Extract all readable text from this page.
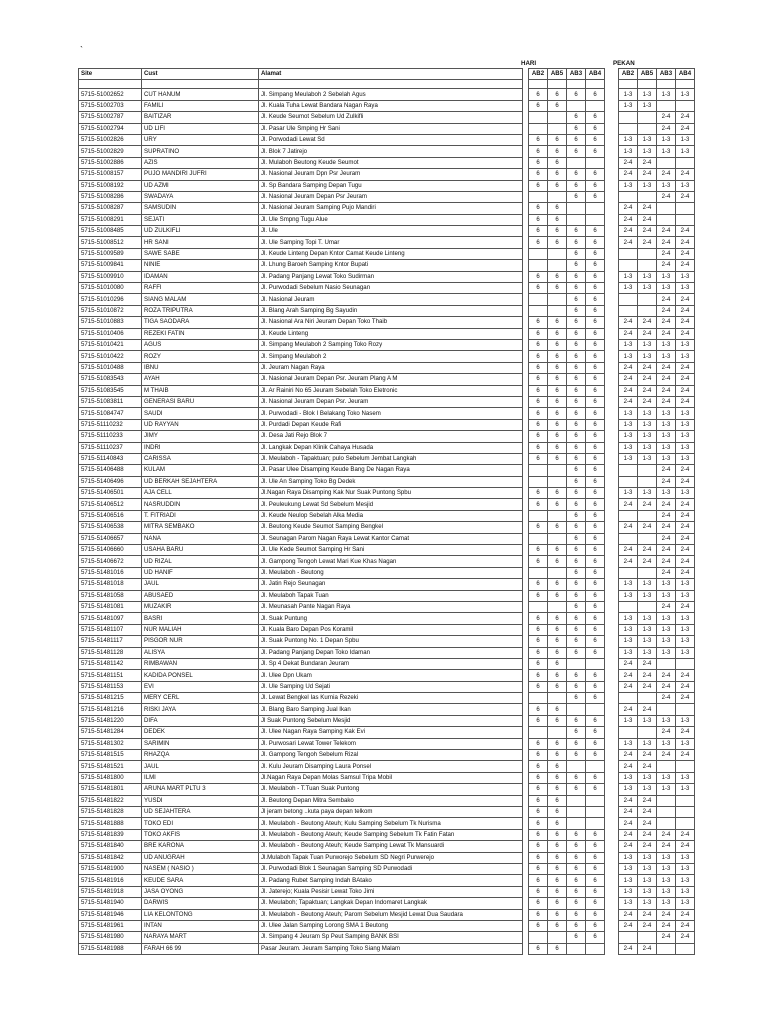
`
HARI	PEKAN
Site	Cust	Alamat		AB2	AB5	AB3	AB4		AB2	AB5	AB3	AB4

5715-51002652	CUT HANUM	Jl. Simpang Meulaboh 2 Sebelah Agus		6	6	6	6		1-3	1-3	1-3	1-3
5715-51002703	FAMILI	Jl. Kuala Tuha Lewat Bandara Nagan Raya		6	6				1-3	1-3		
5715-51002787	BAITIZAR	Jl. Keude Seumot Sebelum Ud Zulkifli				6	6				2-4	2-4
5715-51002794	UD LIFI	Jl. Pasar Ule Smping Hr Sani				6	6				2-4	2-4
5715-51002826	URY	Jl. Porwodadi Lewat Sd		6	6	6	6		1-3	1-3	1-3	1-3
5715-51002829	SUPRATINO	Jl. Blok 7 Jatirejo		6	6	6	6		1-3	1-3	1-3	1-3
5715-51002886	AZIS	Jl. Mulaboh Beutong Keude Seumot		6	6				2-4	2-4		
5715-51008157	PUJO MANDIRI JUFRI	Jl. Nasional Jeuram Dpn Psr Jeuram		6	6	6	6		2-4	2-4	2-4	2-4
5715-51008192	UD AZMI	Jl. Sp Bandara Samping Depan Tugu		6	6	6	6		1-3	1-3	1-3	1-3
5715-51008286	SWADAYA	Jl. Nasional Jeuram Depan Psr Jeuram				6	6				2-4	2-4
5715-51008287	SAMSUDIN	Jl. Nasional Jeuram Samping Pujo Mandiri		6	6				2-4	2-4		
5715-51008291	SEJATI	Jl. Ule Smpng Tugu Alue		6	6				2-4	2-4		
5715-51008485	UD ZULKIFLI	Jl. Ule		6	6	6	6		2-4	2-4	2-4	2-4
5715-51008512	HR SANI	Jl. Ule Samping Topi T. Umar		6	6	6	6		2-4	2-4	2-4	2-4
5715-51009589	SAWE SABE	Jl. Keude Linteng Depan Kntor Camat Keude Linteng				6	6				2-4	2-4
5715-51009841	NINIE	Jl. Lhung Baroeh Samping Kntor Bupati				6	6				2-4	2-4
5715-51009910	IDAMAN	Jl. Padang Panjang Lewat Toko Sudirman		6	6	6	6		1-3	1-3	1-3	1-3
5715-51010080	RAFFI	Jl. Purwodadi Sebelum Nasio Seunagan		6	6	6	6		1-3	1-3	1-3	1-3
5715-51010296	SIANG MALAM	Jl. Nasional Jeuram				6	6				2-4	2-4
5715-51010872	ROZA TRIPUTRA	Jl. Blang Arah Samping Bg Sayudin				6	6				2-4	2-4
5715-51010883	TIGA SAODARA	Jl. Nasional Ara Niri Jeuram Depan Toko Thaib		6	6	6	6		2-4	2-4	2-4	2-4
5715-51010406	REZEKI FATIN	Jl. Keude Linteng		6	6	6	6		2-4	2-4	2-4	2-4
5715-51010421	AGUS	Jl. Simpang Meulaboh 2 Samping Toko Rozy		6	6	6	6		1-3	1-3	1-3	1-3
5715-51010422	ROZY	Jl. Simpang Meulaboh 2		6	6	6	6		1-3	1-3	1-3	1-3
5715-51010488	IBNU	Jl. Jeuram Nagan Raya		6	6	6	6		2-4	2-4	2-4	2-4
5715-51083543	AYAH	Jl. Nasional Jeuram Depan Psr. Jeuram Plang A M		6	6	6	6		2-4	2-4	2-4	2-4
5715-51083545	M THAIB	Jl. Ar Rainiri No 65 Jeuram Sebelah Toko Eletronic		6	6	6	6		2-4	2-4	2-4	2-4
5715-51083811	GENERASI BARU	Jl. Nasional Jeuram Depan Psr. Jeuram		6	6	6	6		2-4	2-4	2-4	2-4
5715-51084747	SAUDI	Jl. Purwodadi - Blok I Belakang Toko Nasem		6	6	6	6		1-3	1-3	1-3	1-3
5715-51110232	UD RAYYAN	Jl. Purdadi Depan Keude Rafi		6	6	6	6		1-3	1-3	1-3	1-3
5715-51110233	JIMY	Jl. Desa Jati Rejo Blok 7		6	6	6	6		1-3	1-3	1-3	1-3
5715-51110237	INDRI	Jl. Langkak Depan Klinik Cahaya Husada		6	6	6	6		1-3	1-3	1-3	1-3
5715-51140843	CARISSA	Jl. Meulaboh - Tapaktuan; pulo Sebelum Jembat Langkah		6	6	6	6		1-3	1-3	1-3	1-3
5715-51406488	KULAM	Jl. Pasar Ulee Disamping Keude Bang De Nagan Raya				6	6				2-4	2-4
5715-51406496	UD BERKAH SEJAHTERA	Jl. Ule An Samping Toko Bg Dedek				6	6				2-4	2-4
5715-51406501	AJA CELL	Jl.Nagan Raya Disamping Kak Nur Suak Puntong Spbu		6	6	6	6		1-3	1-3	1-3	1-3
5715-51406512	NASRUDDIN	Jl. Peuleukung Lewat Sd Sebelum Mesjid		6	6	6	6		2-4	2-4	2-4	2-4
5715-51406516	T. FITRIADI	Jl. Keude Neulop Sebelah Alka Media				6	6				2-4	2-4
5715-51406538	MITRA SEMBAKO	Jl. Beutong Keude Seumot Samping Bengkel		6	6	6	6		2-4	2-4	2-4	2-4
5715-51406657	NANA	Jl. Seunagan Parom Nagan Raya Lewat Kantor Camat				6	6				2-4	2-4
5715-51406660	USAHA BARU	Jl. Ule Kede Seumot Samping Hr Sani		6	6	6	6		2-4	2-4	2-4	2-4
5715-51406672	UD RIZAL	Jl. Gampong Tengoh Lewat Mari Kue Khas Nagan		6	6	6	6		2-4	2-4	2-4	2-4
5715-51481016	UD HANIF	Jl. Meulaboh - Beutong				6	6				2-4	2-4
5715-51481018	JAUL	Jl. Jatin Rejo Seunagan		6	6	6	6		1-3	1-3	1-3	1-3
5715-51481058	ABUSAED	Jl. Meulaboh Tapak Tuan		6	6	6	6		1-3	1-3	1-3	1-3
5715-51481081	MUZAKIR	Jl. Meunasah Pante Nagan Raya				6	6				2-4	2-4
5715-51481097	BASRI	Jl. Suak Puntung		6	6	6	6		1-3	1-3	1-3	1-3
5715-51481107	NUR MALIAH	Jl. Kuala Baro Depan Pos Koramil		6	6	6	6		1-3	1-3	1-3	1-3
5715-51481117	PISGOR NUR	Jl. Suak Puntong No. 1 Depan Spbu		6	6	6	6		1-3	1-3	1-3	1-3
5715-51481128	ALISYA	Jl. Padang Panjang Depan Toko Idaman		6	6	6	6		1-3	1-3	1-3	1-3
5715-51481142	RIMBAWAN	Jl. Sp 4 Dekat Bundaran Jeuram		6	6				2-4	2-4		
5715-51481151	KADIDA PONSEL	Jl. Ulee Dpn Ukam		6	6	6	6		2-4	2-4	2-4	2-4
5715-51481153	EVI	Jl. Ule Samping Ud Sejati		6	6	6	6		2-4	2-4	2-4	2-4
5715-51481215	MERY CERL	Jl. Lewat Bengkel Ias Kurnia Rezeki				6	6				2-4	2-4
5715-51481216	RISKI JAYA	Jl. Blang Baro Samping Jual Ikan		6	6				2-4	2-4		
5715-51481220	DIFA	Jl Suak Puntong Sebelum Mesjid		6	6	6	6		1-3	1-3	1-3	1-3
5715-51481284	DEDEK	Jl. Ulee Nagan Raya Samping Kak Evi				6	6				2-4	2-4
5715-51481302	SARIMIN	Jl. Purwosari Lewat Tower Telekom		6	6	6	6		1-3	1-3	1-3	1-3
5715-51481515	RHAZQA	Jl. Gampong Tengoh Sebelum Rizal		6	6	6	6		2-4	2-4	2-4	2-4
5715-51481521	JAUL	Jl. Kulu Jeuram Disamping Laura Ponsel		6	6				2-4	2-4		
5715-51481800	ILMI	Jl.Nagan Raya Depan Molas Samsul Tripa Mobil		6	6	6	6		1-3	1-3	1-3	1-3
5715-51481801	ARUNA MART PLTU 3	Jl. Meulaboh - T.Tuan Suak Puntong		6	6	6	6		1-3	1-3	1-3	1-3
5715-51481822	YUSDI	Jl. Beutong Depan Mitra Sembako		6	6				2-4	2-4		
5715-51481828	UD SEJAHTERA	Jl jeram betong ..kuta paya depan telkom		6	6				2-4	2-4		
5715-51481888	TOKO EDI	Jl. Meulaboh - Beutong Ateuh; Kulu Samping Sebelum Tk Nurisma		6	6				2-4	2-4		
5715-51481839	TOKO AKFIS	Jl. Meulaboh - Beutong Ateuh; Keude Samping Sebelum Tk Fatin Fatan		6	6	6	6		2-4	2-4	2-4	2-4
5715-51481840	BRE KARONA	Jl. Meulaboh - Beutong Ateuh; Keude Samping Lewat Tk Mansuardi		6	6	6	6		2-4	2-4	2-4	2-4
5715-51481842	UD ANUGRAH	Jl.Mulaboh Tapak Tuan Purworejo Sebelum SD Negri Purwerejo		6	6	6	6		1-3	1-3	1-3	1-3
5715-51481900	NASEM ( NASIO )	Jl. Purwodadi Blok 1 Seunagan Samping SD Purwodadi		6	6	6	6		1-3	1-3	1-3	1-3
5715-51481916	KEUDE SARA	Jl. Padang Rubet Samping Indah BAtako		6	6	6	6		1-3	1-3	1-3	1-3
5715-51481918	JASA OYONG	Jl. Jaterejo; Kuala Pesisir Lewat Toko Jimi		6	6	6	6		1-3	1-3	1-3	1-3
5715-51481940	DARWIS	Jl. Meulaboh; Tapaktuan; Langkak Depan Indomaret Langkak		6	6	6	6		1-3	1-3	1-3	1-3
5715-51481946	LIA KELONTONG	Jl. Meulaboh - Beutong Ateuh; Parom Sebelum Mesjid Lewat Dua Saudara		6	6	6	6		2-4	2-4	2-4	2-4
5715-51481961	INTAN	Jl. Ulee Jalan Samping Lorong SMA 1 Beutong		6	6	6	6		2-4	2-4	2-4	2-4
5715-51481980	NARAYA MART	Jl. Simpang 4 Jeuram Sp Peut Samping BANK BSI				6	6				2-4	2-4
5715-51481988	FARAH 66 99	Pasar Jeuram. Jeuram Samping Toko Siang Malam		6	6				2-4	2-4		
